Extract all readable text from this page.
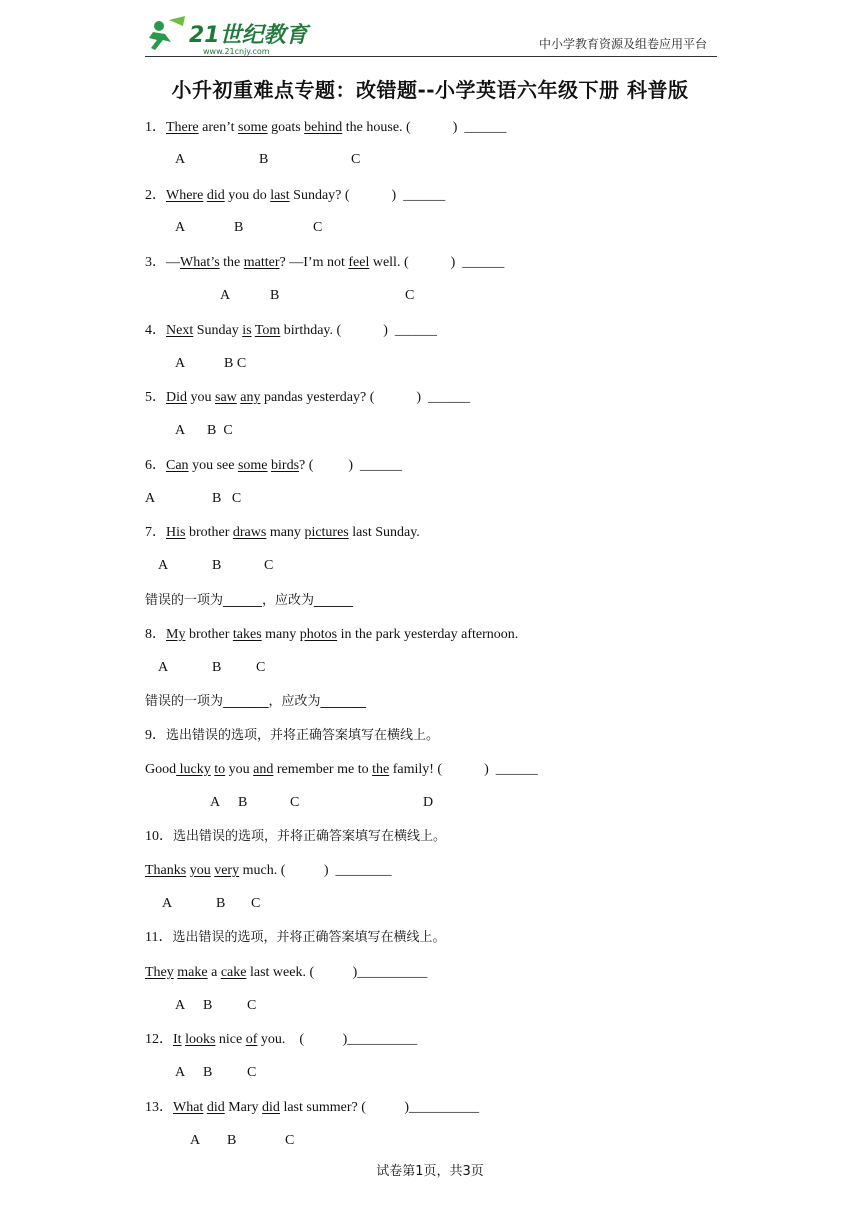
21世纪教育
www.21cnjy.com
中小学教育资源及组卷应用平台
小升初重难点专题：改错题--小学英语六年级下册 科普版
1．There aren’t some goats behind the house. (            )  ______
A	B	C
2．Where did you do last Sunday? (            )  ______
A	B	C
3．—What’s the matter? —I’m not feel well. (            )  ______
A	B	C
4．Next Sunday is Tom birthday. (            )  ______
A	B C
5．Did you saw any pandas yesterday? (            )  ______
A B  C
6．Can you see some birds? (          )  ______
A	B   C
7．His brother draws many pictures last Sunday.
A	B	C
错误的一项为______，应改为______
8．My brother takes many photos in the park yesterday afternoon.
A	B C
错误的一项为_______，应改为_______
9．选出错误的选项，并将正确答案填写在横线上。
Good lucky to you and remember me to the family! (            )  ______
A B	C	D
10．选出错误的选项，并将正确答案填写在横线上。
Thanks you very much. (           )  ________
A	B C
11．选出错误的选项，并将正确答案填写在横线上。
They make a cake last week. (           )__________
A B C
12．It looks nice of you.    (           )__________
A B C
13．What did Mary did last summer? (           )__________
A B	C
试卷第1页，共3页
